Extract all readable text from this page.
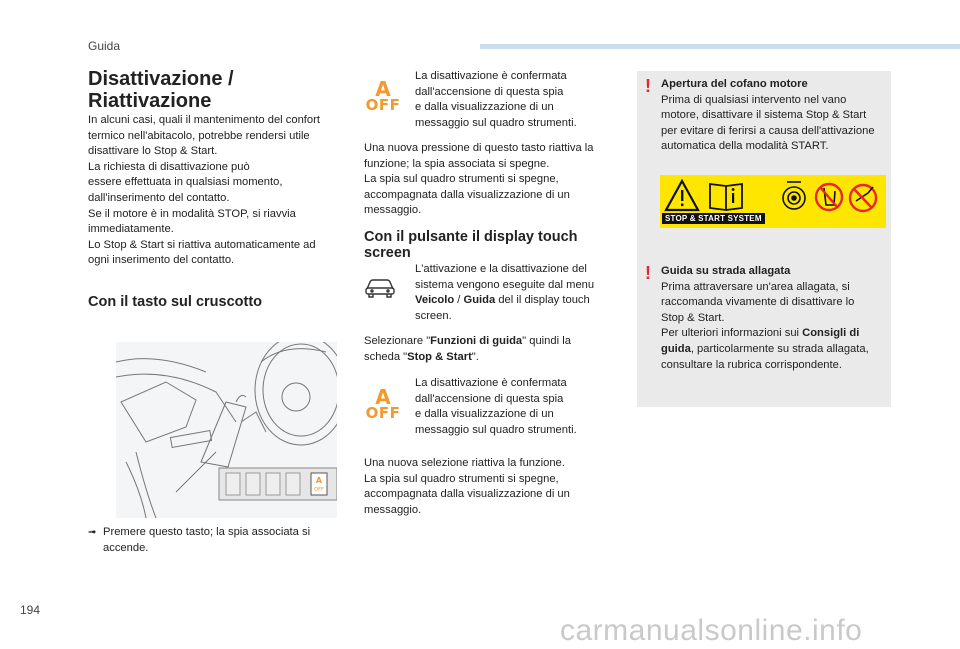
Guida
Disattivazione /
Riattivazione
In alcuni casi, quali il mantenimento del confort
termico nell'abitacolo, potrebbe rendersi utile
disattivare lo Stop & Start.
La richiesta di disattivazione può
essere effettuata in qualsiasi momento,
dall'inserimento del contatto.
Se il motore è in modalità STOP, si riavvia
immediatamente.
Lo Stop & Start si riattiva automaticamente ad
ogni inserimento del contatto.
Con il tasto sul cruscotto
A
OFF
➟ Premere questo tasto; la spia associata si
accende.
A
OFF
La disattivazione è confermata
dall'accensione di questa spia
e dalla visualizzazione di un
messaggio sul quadro strumenti.
Una nuova pressione di questo tasto riattiva la
funzione; la spia associata si spegne.
La spia sul quadro strumenti si spegne,
accompagnata dalla visualizzazione di un
messaggio.
Con il pulsante il display touch
screen
L'attivazione e la disattivazione del
sistema vengono eseguite dal menu
Veicolo / Guida del il display touch
screen.
Selezionare "Funzioni di guida" quindi la
scheda "Stop & Start".
A
OFF
La disattivazione è confermata
dall'accensione di questa spia
e dalla visualizzazione di un
messaggio sul quadro strumenti.
Una nuova selezione riattiva la funzione.
La spia sul quadro strumenti si spegne,
accompagnata dalla visualizzazione di un
messaggio.
! Apertura del cofano motore
Prima di qualsiasi intervento nel vano
motore, disattivare il sistema Stop & Start
per evitare di ferirsi a causa dell'attivazione
automatica della modalità START.
STOP & START SYSTEM
! Guida su strada allagata
Prima attraversare un'area allagata, si
raccomanda vivamente di disattivare lo
Stop & Start.
Per ulteriori informazioni sui Consigli di
guida, particolarmente su strada allagata,
consultare la rubrica corrispondente.
194
carmanualsonline.info
